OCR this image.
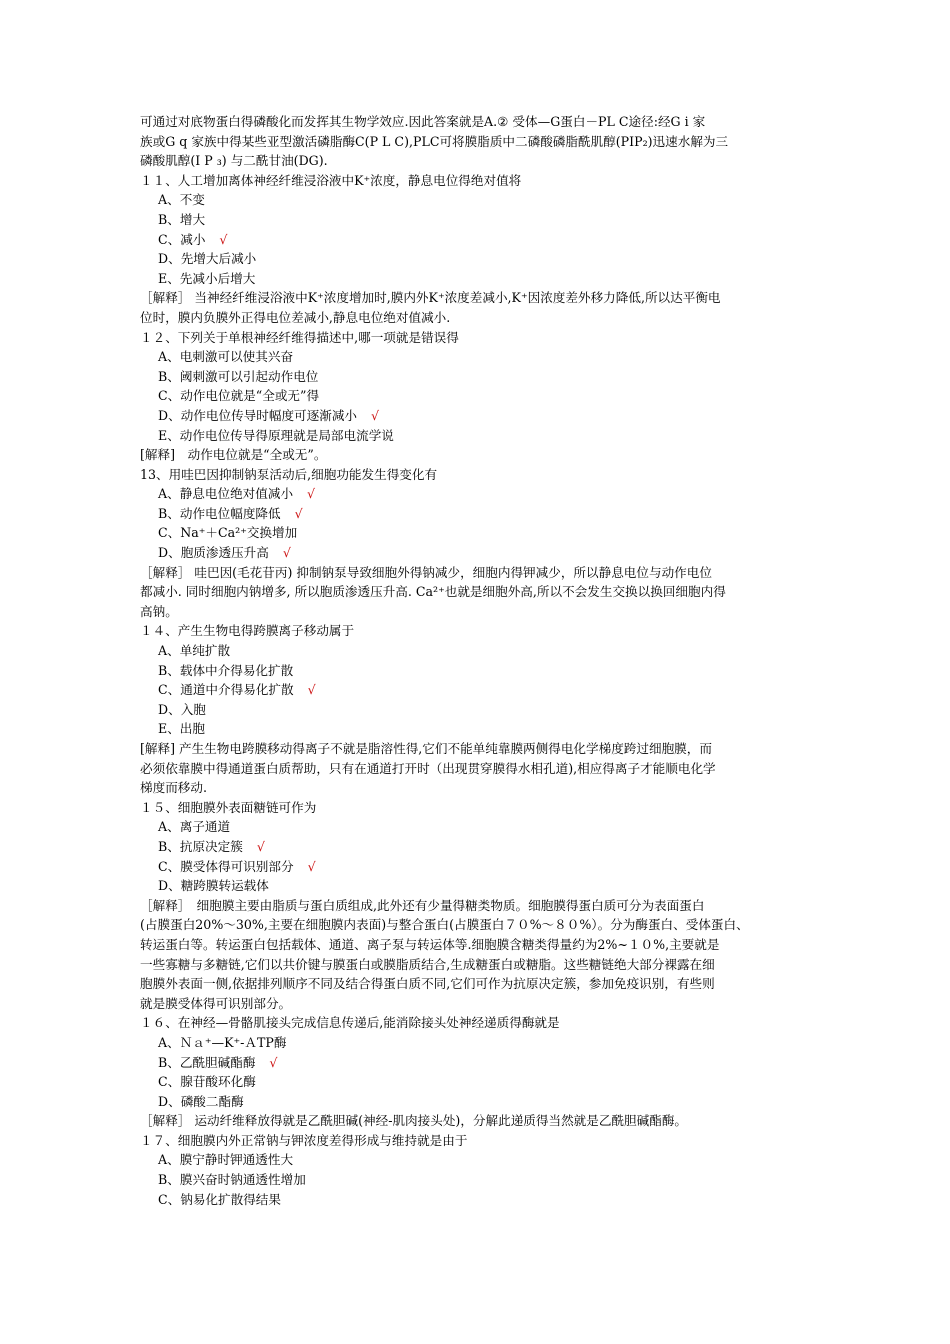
可通过对底物蛋白得磷酸化而发挥其生物学效应.因此答案就是A.② 受体—G蛋白－PL C途径:经G i 家
族或G q 家族中得某些亚型激活磷脂酶C(P L C),PLC可将膜脂质中二磷酸磷脂酰肌醇(PIP₂)迅速水解为三
磷酸肌醇(I P ₃) 与二酰甘油(DG).
１１、人工增加离体神经纤维浸浴液中K⁺浓度，静息电位得绝对值将
A、不变
B、增大
C、减小 √
D、先增大后减小
E、先减小后增大
［解释］ 当神经纤维浸浴液中K⁺浓度增加时,膜内外K⁺浓度差减小,K⁺因浓度差外移力降低,所以达平衡电
位时，膜内负膜外正得电位差减小,静息电位绝对值减小.
１２、下列关于单根神经纤维得描述中,哪一项就是错误得
A、电刺激可以使其兴奋
B、阈刺激可以引起动作电位
C、动作电位就是“全或无”得
D、动作电位传导时幅度可逐渐减小 √
E、动作电位传导得原理就是局部电流学说
[解释]　动作电位就是“全或无”。
13、用哇巴因抑制钠泵活动后,细胞功能发生得变化有
A、静息电位绝对值减小 √
B、动作电位幅度降低 √
C、Na⁺＋Ca²⁺交换增加
D、胞质渗透压升高 √
［解释］ 哇巴因(毛花苷丙) 抑制钠泵导致细胞外得钠减少，细胞内得钾减少，所以静息电位与动作电位
都减小. 同时细胞内钠增多, 所以胞质渗透压升高. Ca²⁺也就是细胞外高,所以不会发生交换以换回细胞内得
高钠。
１４、产生生物电得跨膜离子移动属于
A、单纯扩散
B、载体中介得易化扩散
C、通道中介得易化扩散 √
D、入胞
E、出胞
[解释] 产生生物电跨膜移动得离子不就是脂溶性得,它们不能单纯靠膜两侧得电化学梯度跨过细胞膜，而
必须依靠膜中得通道蛋白质帮助，只有在通道打开时（出现贯穿膜得水相孔道),相应得离子才能顺电化学
梯度而移动.
１５、细胞膜外表面糖链可作为
A、离子通道
B、抗原决定簇 √
C、膜受体得可识别部分 √
D、糖跨膜转运载体
［解释］　细胞膜主要由脂质与蛋白质组成,此外还有少量得糖类物质。细胞膜得蛋白质可分为表面蛋白
(占膜蛋白20%～30%,主要在细胞膜内表面)与整合蛋白(占膜蛋白７０%～８０%）。分为酶蛋白、受体蛋白、
转运蛋白等。转运蛋白包括载体、通道、离子泵与转运体等.细胞膜含糖类得量约为2%~１０%,主要就是
一些寡糖与多糖链,它们以共价键与膜蛋白或膜脂质结合,生成糖蛋白或糖脂。这些糖链绝大部分裸露在细
胞膜外表面一侧,依据排列顺序不同及结合得蛋白质不同,它们可作为抗原决定簇，参加免疫识别，有些则
就是膜受体得可识别部分。
１６、在神经—骨骼肌接头完成信息传递后,能消除接头处神经递质得酶就是
A、Ｎａ⁺—K⁺-ＡTP酶
B、乙酰胆碱酯酶 √
C、腺苷酸环化酶
D、磷酸二酯酶
［解释］ 运动纤维释放得就是乙酰胆碱(神经-肌肉接头处)，分解此递质得当然就是乙酰胆碱酯酶。
１７、细胞膜内外正常钠与钾浓度差得形成与维持就是由于
A、膜宁静时钾通透性大
B、膜兴奋时钠通透性增加
C、钠易化扩散得结果
